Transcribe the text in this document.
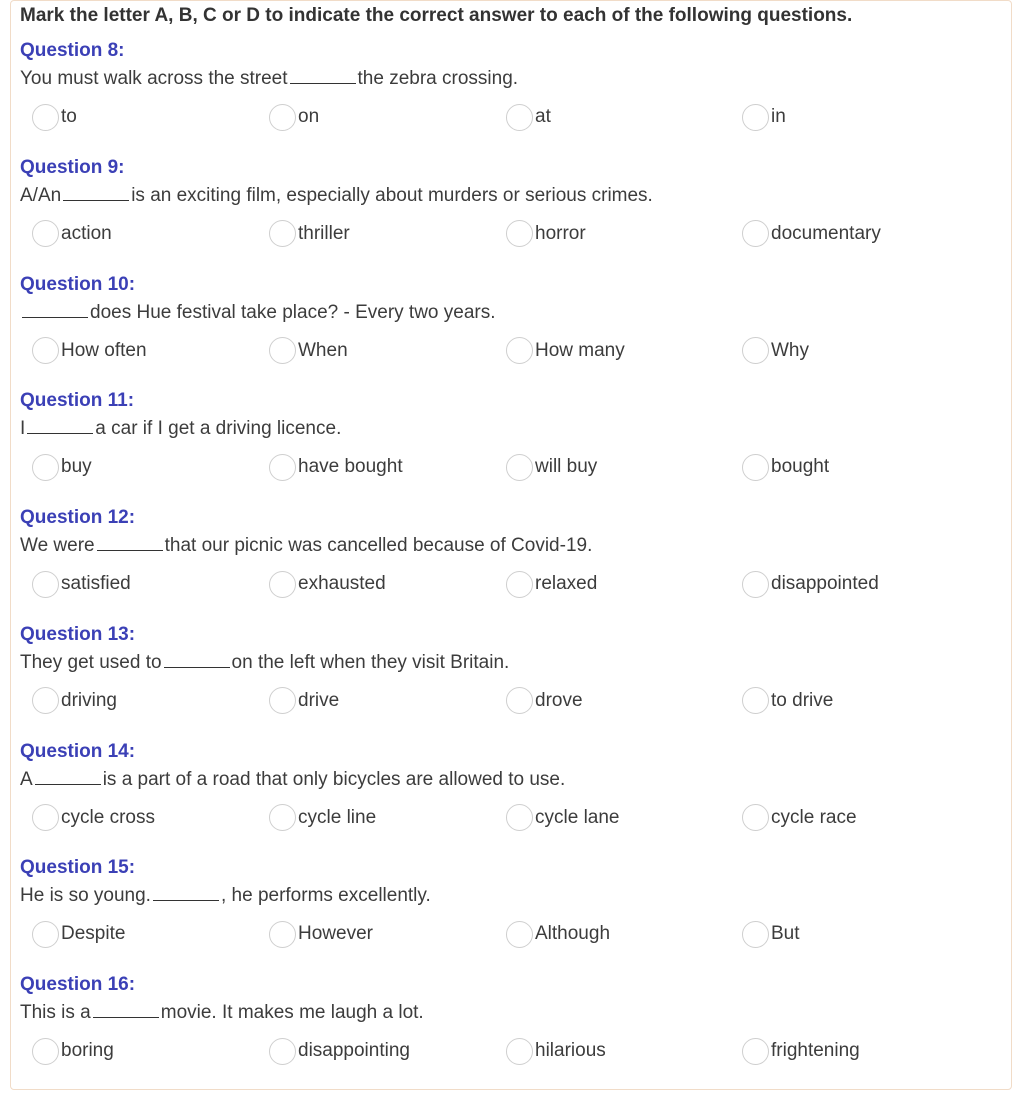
Mark the letter A, B, C or D to indicate the correct answer to each of the following questions.
Question 8:
You must walk across the street	the zebra crossing.
to	on	at	in
Question 9:
A/An	is an exciting film, especially about murders or serious crimes.
action	thriller	horror	documentary
Question 10:
does Hue festival take place? - Every two years.
How often	When	How many	Why
Question 11:
I	a car if I get a driving licence.
buy	have bought	will buy	bought
Question 12:
We were	that our picnic was cancelled because of Covid-19.
satisfied	exhausted	relaxed	disappointed
Question 13:
They get used to	on the left when they visit Britain.
driving	drive	drove	to drive
Question 14:
A	is a part of a road that only bicycles are allowed to use.
cycle cross	cycle line	cycle lane	cycle race
Question 15:
He is so young.	, he performs excellently.
Despite	However	Although	But
Question 16:
This is a	movie. It makes me laugh a lot.
boring	disappointing	hilarious	frightening
